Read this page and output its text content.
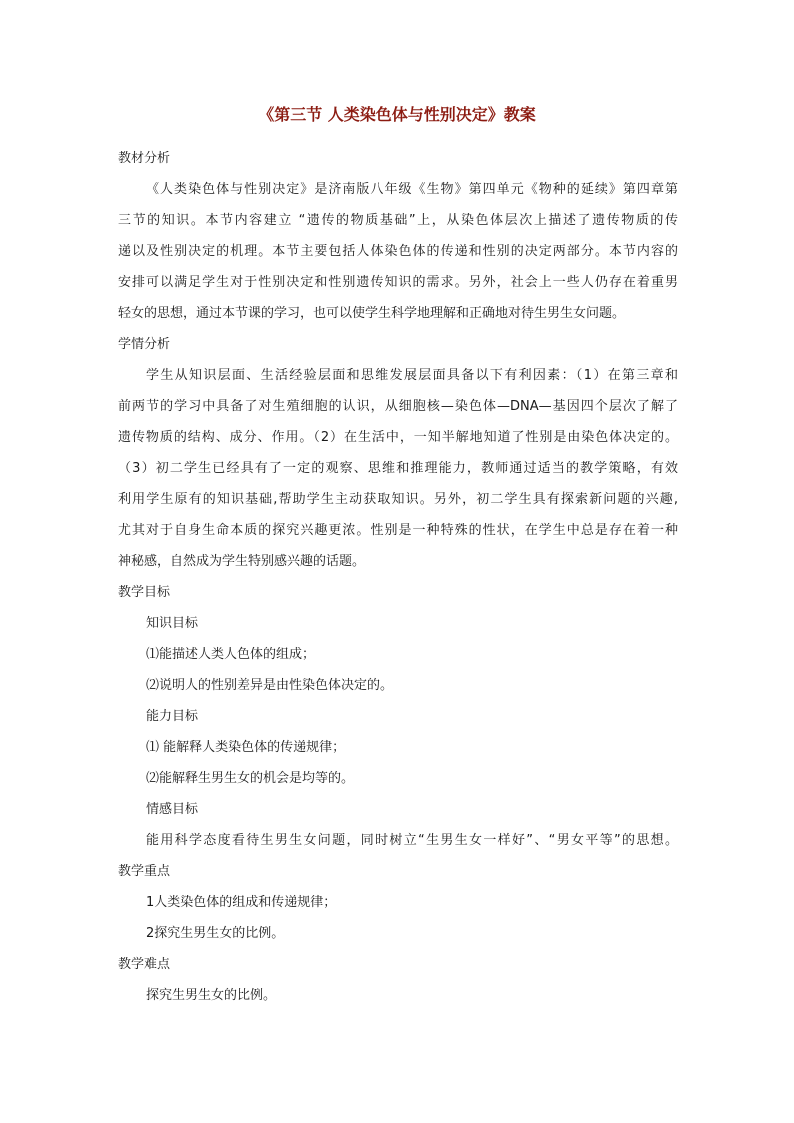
《第三节 人类染色体与性别决定》教案

教材分析

《人类染色体与性别决定》是济南版八年级《生物》第四单元《物种的延续》第四章第

三节的知识。本节内容建立 “遗传的物质基础”上，从染色体层次上描述了遗传物质的传

递以及性别决定的机理。本节主要包括人体染色体的传递和性别的决定两部分。本节内容的

安排可以满足学生对于性别决定和性别遗传知识的需求。另外，社会上一些人仍存在着重男

轻女的思想，通过本节课的学习，也可以使学生科学地理解和正确地对待生男生女问题。

学情分析

学生从知识层面、生活经验层面和思维发展层面具备以下有利因素：（1）在第三章和

前两节的学习中具备了对生殖细胞的认识，从细胞核—染色体—DNA—基因四个层次了解了

遗传物质的结构、成分、作用。（2）在生活中，一知半解地知道了性别是由染色体决定的。

（3）初二学生已经具有了一定的观察、思维和推理能力，教师通过适当的教学策略，有效

利用学生原有的知识基础,帮助学生主动获取知识。另外，初二学生具有探索新问题的兴趣,

尤其对于自身生命本质的探究兴趣更浓。性别是一种特殊的性状，在学生中总是存在着一种

神秘感，自然成为学生特别感兴趣的话题。

教学目标

知识目标

⑴能描述人类人色体的组成；

⑵说明人的性别差异是由性染色体决定的。

能力目标

⑴ 能解释人类染色体的传递规律；

⑵能解释生男生女的机会是均等的。

情感目标

能用科学态度看待生男生女问题，同时树立“生男生女一样好”、“男女平等”的思想。

教学重点

1人类染色体的组成和传递规律；

2探究生男生女的比例。

教学难点

探究生男生女的比例。
